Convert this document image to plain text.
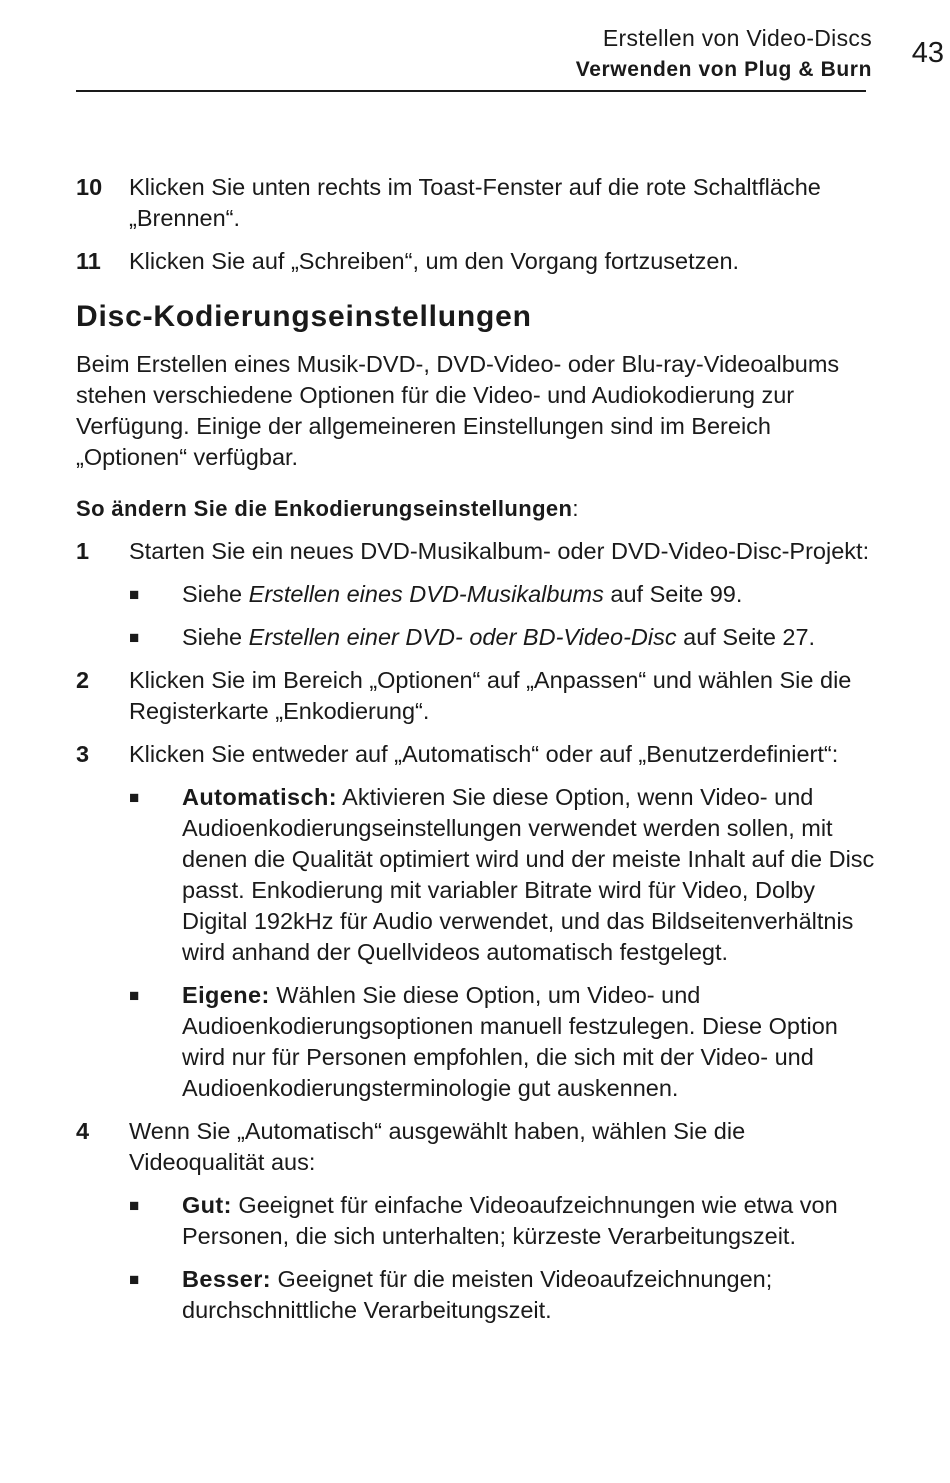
Erstellen von Video-Discs
Verwenden von Plug & Burn
43
10 Klicken Sie unten rechts im Toast-Fenster auf die rote Schaltfläche „Brennen“.
11 Klicken Sie auf „Schreiben“, um den Vorgang fortzusetzen.
Disc-Kodierungseinstellungen
Beim Erstellen eines Musik-DVD-, DVD-Video- oder Blu-ray-Videoalbums stehen verschiedene Optionen für die Video- und Audiokodierung zur Verfügung. Einige der allgemeineren Einstellungen sind im Bereich „Optionen“ verfügbar.
So ändern Sie die Enkodierungseinstellungen:
1 Starten Sie ein neues DVD-Musikalbum- oder DVD-Video-Disc-Projekt:
■ Siehe Erstellen eines DVD-Musikalbums auf Seite 99.
■ Siehe Erstellen einer DVD- oder BD-Video-Disc auf Seite 27.
2 Klicken Sie im Bereich „Optionen“ auf „Anpassen“ und wählen Sie die Registerkarte „Enkodierung“.
3 Klicken Sie entweder auf „Automatisch“ oder auf „Benutzerdefiniert“:
■ Automatisch: Aktivieren Sie diese Option, wenn Video- und Audioenkodierungseinstellungen verwendet werden sollen, mit denen die Qualität optimiert wird und der meiste Inhalt auf die Disc passt. Enkodierung mit variabler Bitrate wird für Video, Dolby Digital 192kHz für Audio verwendet, und das Bildseitenverhältnis wird anhand der Quellvideos automatisch festgelegt.
■ Eigene: Wählen Sie diese Option, um Video- und Audioenkodierungsoptionen manuell festzulegen. Diese Option wird nur für Personen empfohlen, die sich mit der Video- und Audioenkodierungsterminologie gut auskennen.
4 Wenn Sie „Automatisch“ ausgewählt haben, wählen Sie die Videoqualität aus:
■ Gut: Geeignet für einfache Videoaufzeichnungen wie etwa von Personen, die sich unterhalten; kürzeste Verarbeitungszeit.
■ Besser: Geeignet für die meisten Videoaufzeichnungen; durchschnittliche Verarbeitungszeit.
